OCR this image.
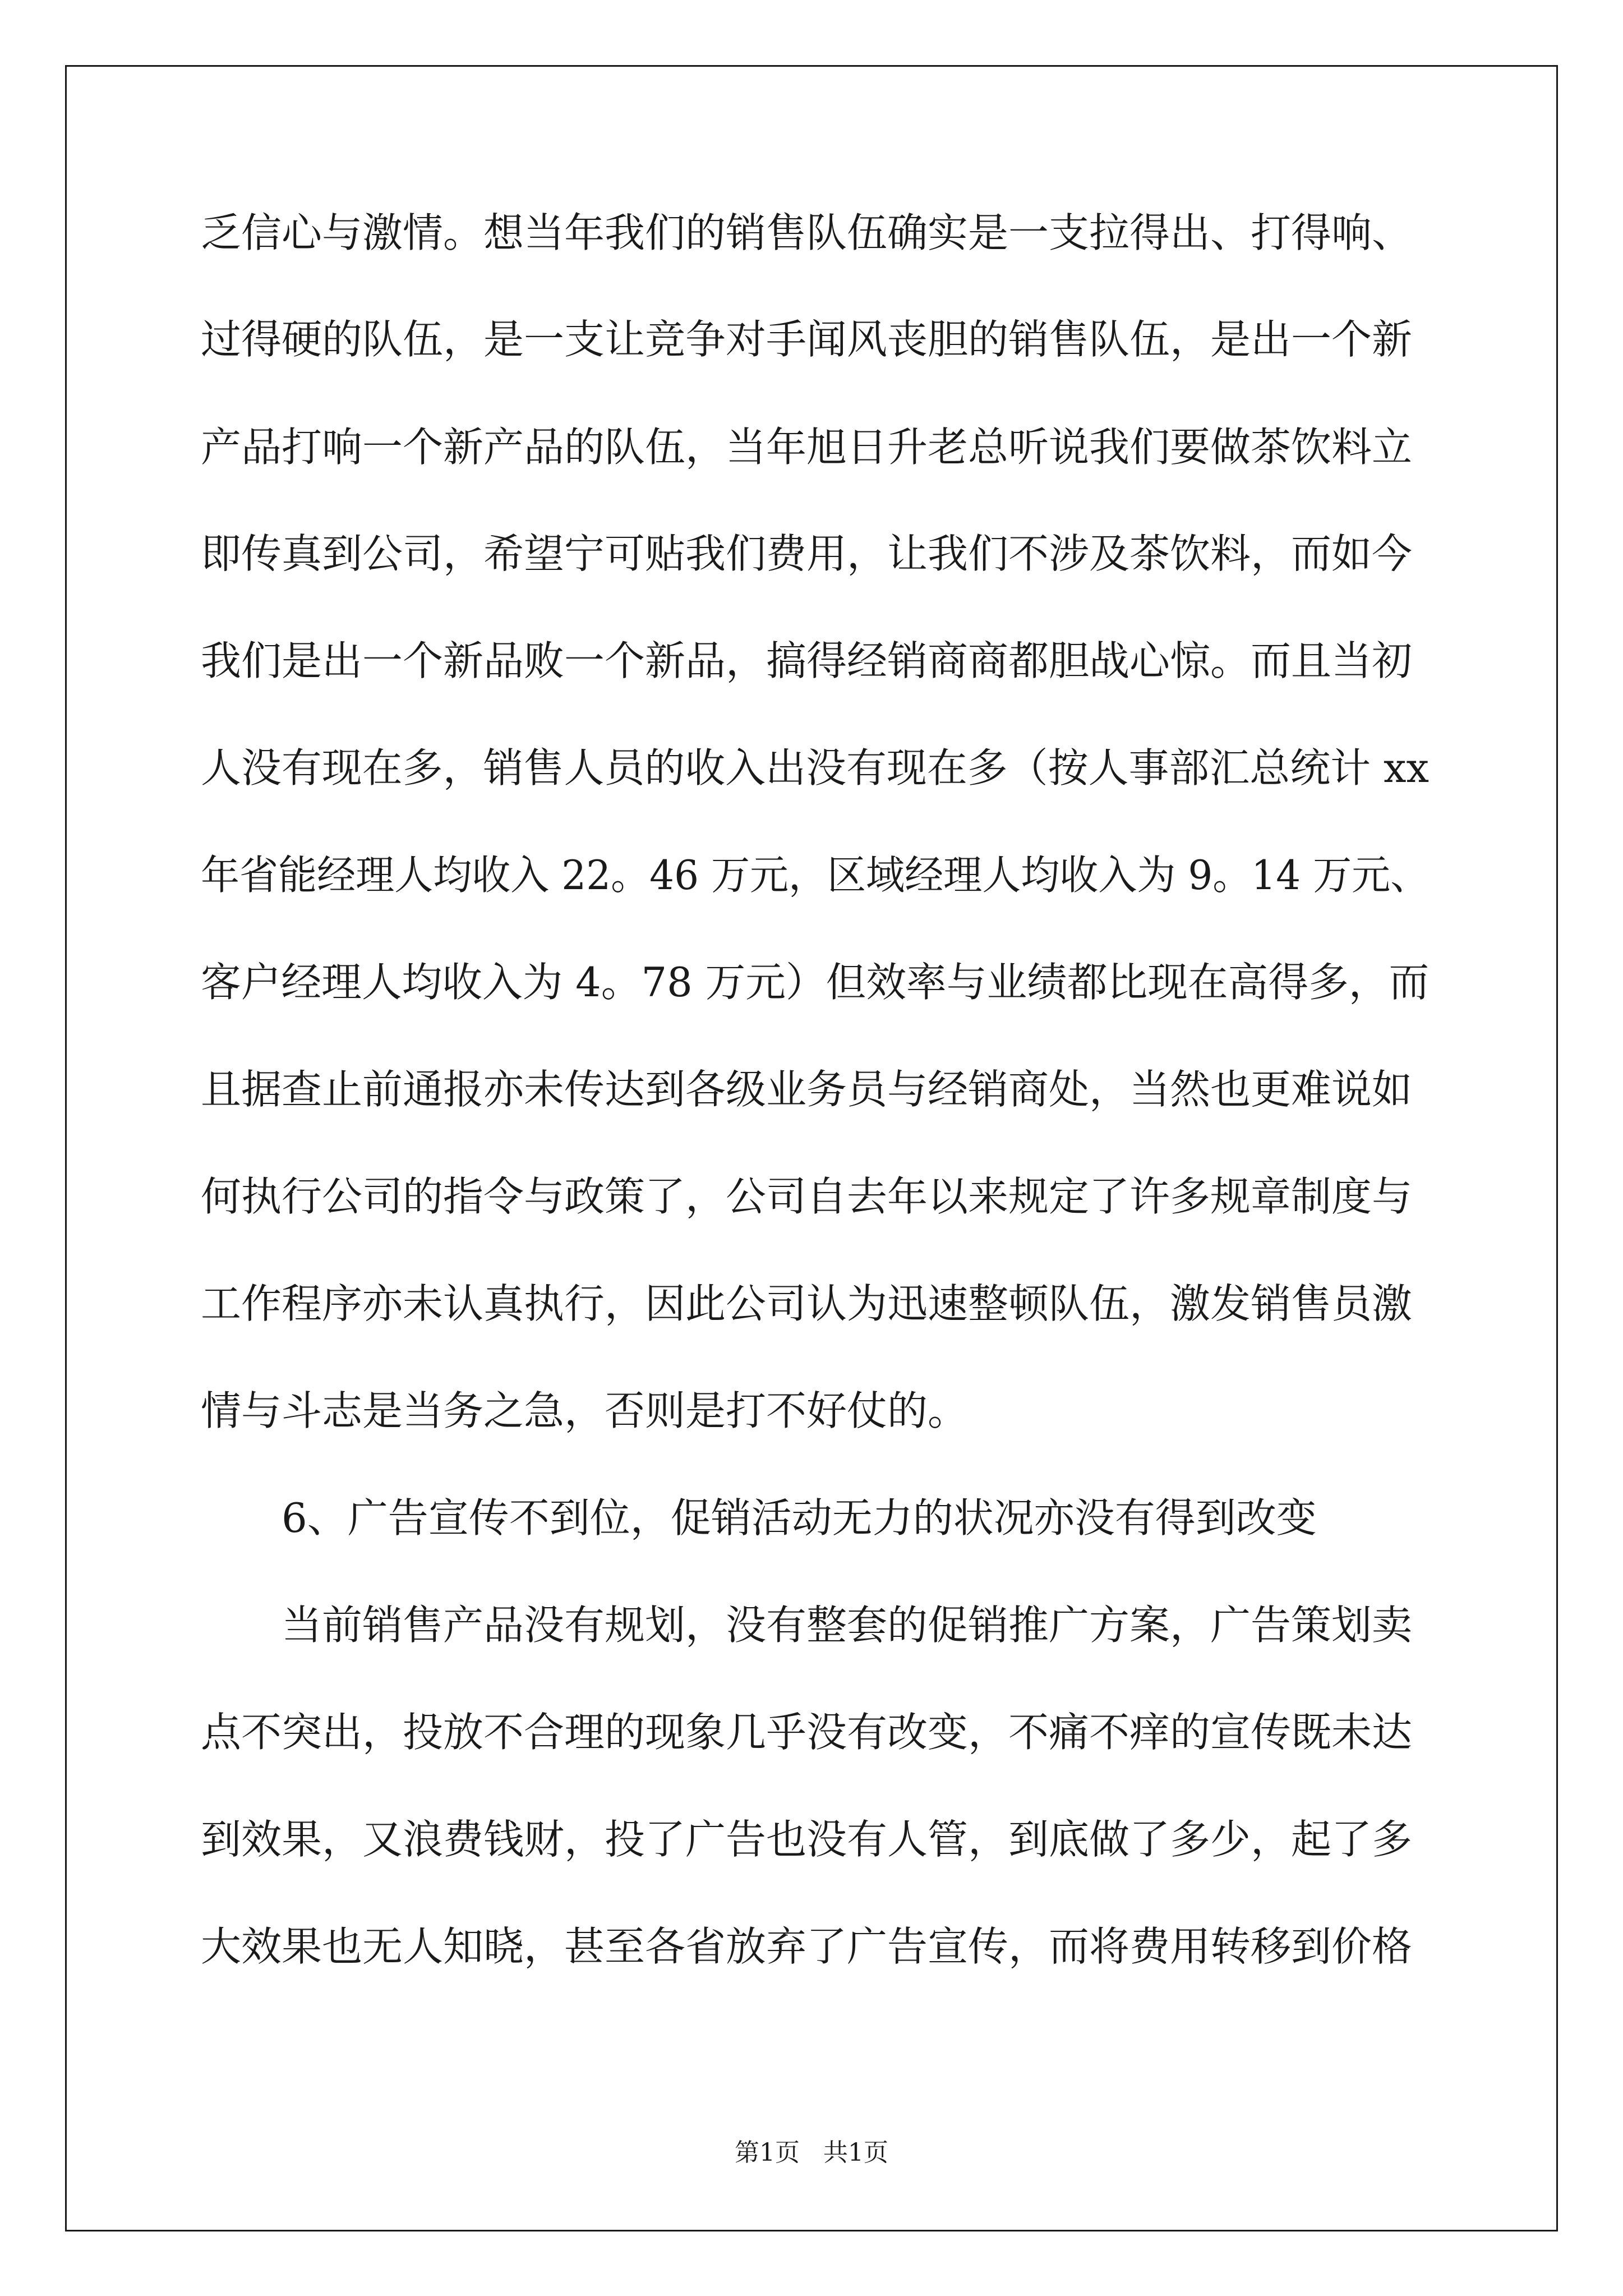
乏信心与激情。想当年我们的销售队伍确实是一支拉得出、打得响、
过得硬的队伍，是一支让竞争对手闻风丧胆的销售队伍，是出一个新
产品打响一个新产品的队伍，当年旭日升老总听说我们要做茶饮料立
即传真到公司，希望宁可贴我们费用，让我们不涉及茶饮料，而如今
我们是出一个新品败一个新品，搞得经销商商都胆战心惊。而且当初
人没有现在多，销售人员的收入出没有现在多（按人事部汇总统计 xx
年省能经理人均收入 22。46 万元，区域经理人均收入为 9。14 万元、
客户经理人均收入为 4。78 万元）但效率与业绩都比现在高得多，而
且据查止前通报亦未传达到各级业务员与经销商处，当然也更难说如
何执行公司的指令与政策了，公司自去年以来规定了许多规章制度与
工作程序亦未认真执行，因此公司认为迅速整顿队伍，激发销售员激
情与斗志是当务之急，否则是打不好仗的。
6、广告宣传不到位，促销活动无力的状况亦没有得到改变
当前销售产品没有规划，没有整套的促销推广方案，广告策划卖
点不突出，投放不合理的现象几乎没有改变，不痛不痒的宣传既未达
到效果，又浪费钱财，投了广告也没有人管，到底做了多少，起了多
大效果也无人知晓，甚至各省放弃了广告宣传，而将费用转移到价格
第1页   共1页
